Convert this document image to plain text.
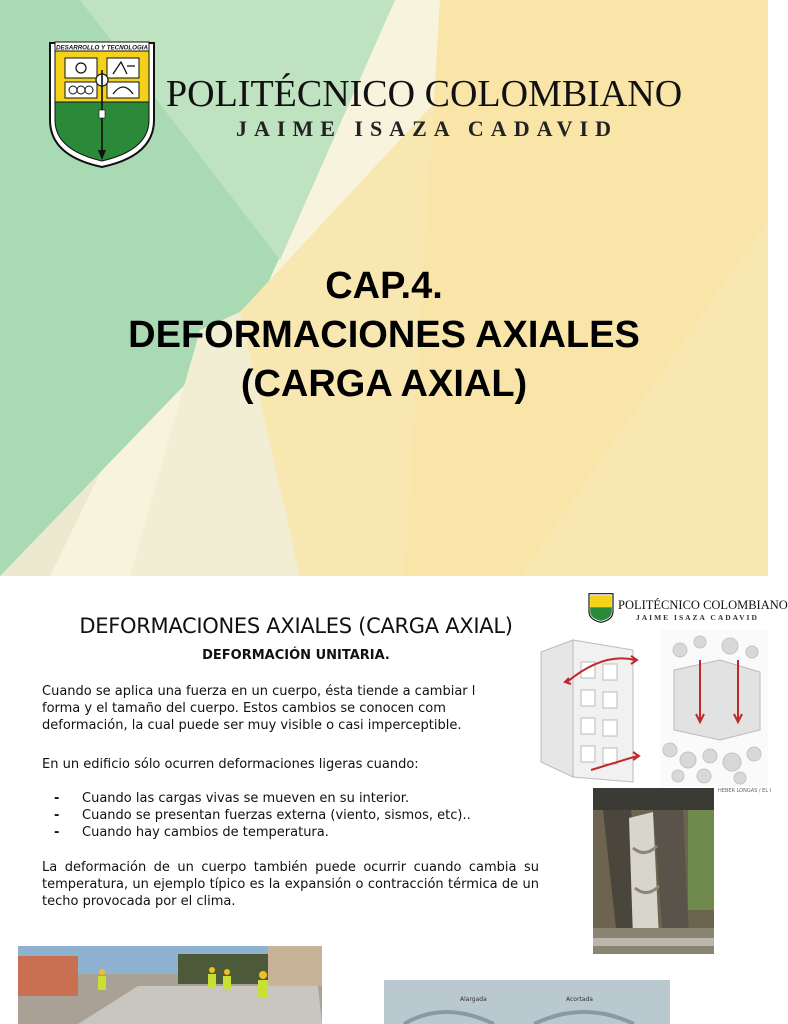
DESARROLLO Y TECNOLOGIA
POLITÉCNICO COLOMBIANO
JAIME ISAZA CADAVID
CAP.4.
DEFORMACIONES AXIALES
(CARGA AXIAL)
DEFORMACIONES AXIALES (CARGA AXIAL)
DEFORMACIÓN UNITARIA.
Cuando se aplica una fuerza en un cuerpo, ésta tiende a cambiar l
forma y el tamaño del cuerpo. Estos cambios se conocen com
deformación, la cual puede ser muy visible o casi imperceptible.
En un edificio sólo ocurren deformaciones ligeras cuando:
-	Cuando las cargas vivas se mueven en su interior.
-	Cuando se presentan fuerzas externa (viento, sismos, etc)..
-	Cuando hay cambios de temperatura.
La deformación de un cuerpo también puede ocurrir cuando cambia su temperatura, un ejemplo típico es la expansión o contracción térmica de un techo provocada por el clima.
POLITÉCNICO COLOMBIANO
JAIME ISAZA CADAVID
HEBER LONGAS / EL I
Alargada	Acortada
